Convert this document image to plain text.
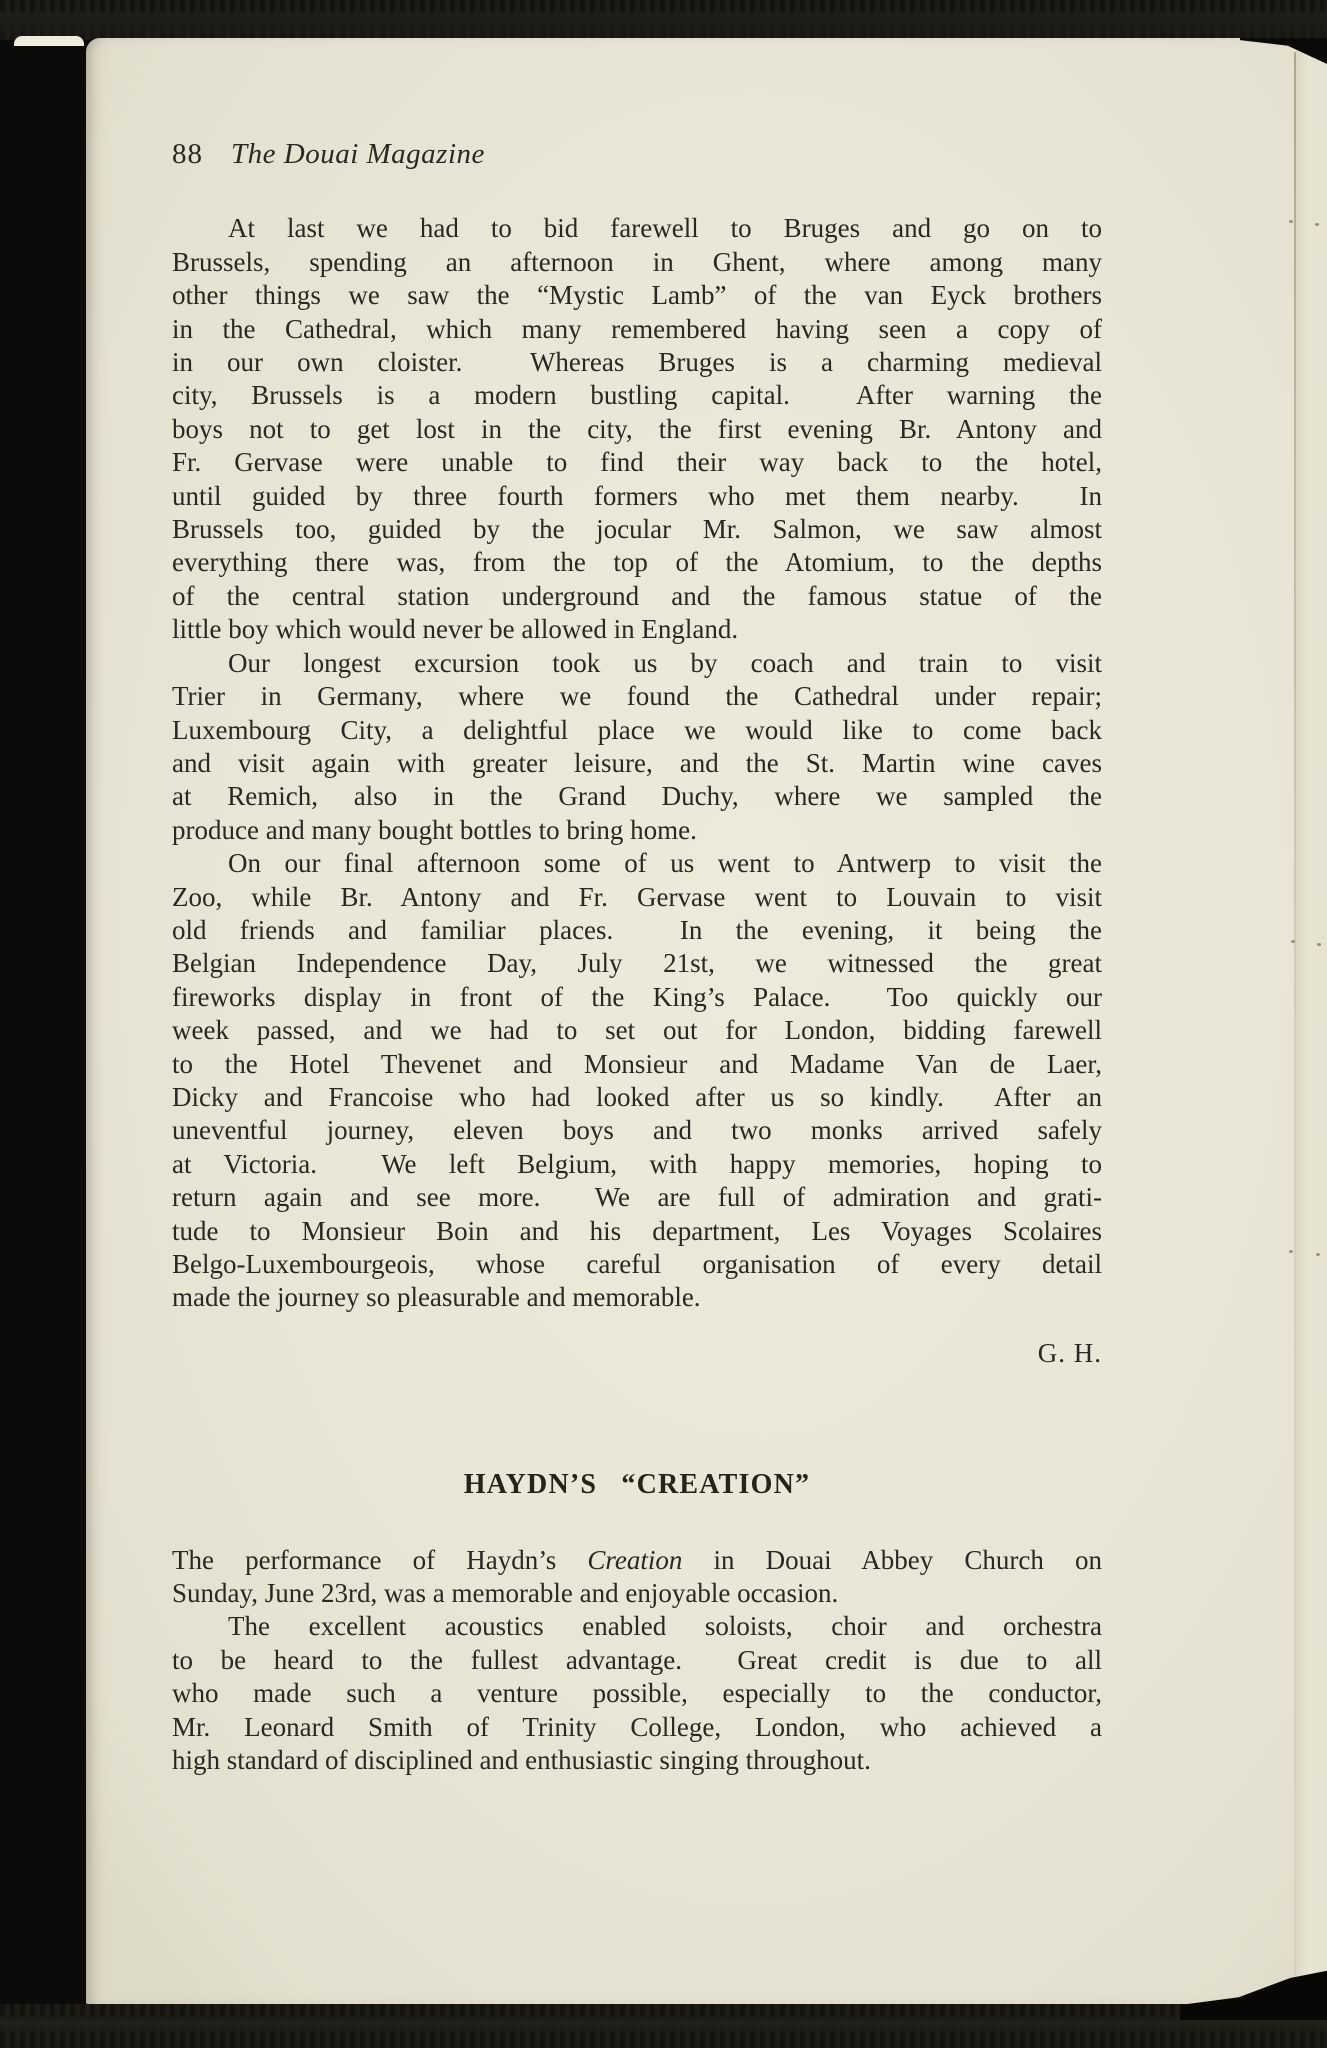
88 The Douai Magazine
At last we had to bid farewell to Bruges and go on to
Brussels, spending an afternoon in Ghent, where among many
other things we saw the “Mystic Lamb” of the van Eyck brothers
in the Cathedral, which many remembered having seen a copy of
in our own cloister.  Whereas Bruges is a charming medieval
city, Brussels is a modern bustling capital.  After warning the
boys not to get lost in the city, the first evening Br. Antony and
Fr. Gervase were unable to find their way back to the hotel,
until guided by three fourth formers who met them nearby.  In
Brussels too, guided by the jocular Mr. Salmon, we saw almost
everything there was, from the top of the Atomium, to the depths
of the central station underground and the famous statue of the
little boy which would never be allowed in England.
Our longest excursion took us by coach and train to visit
Trier in Germany, where we found the Cathedral under repair;
Luxembourg City, a delightful place we would like to come back
and visit again with greater leisure, and the St. Martin wine caves
at Remich, also in the Grand Duchy, where we sampled the
produce and many bought bottles to bring home.
On our final afternoon some of us went to Antwerp to visit the
Zoo, while Br. Antony and Fr. Gervase went to Louvain to visit
old friends and familiar places.  In the evening, it being the
Belgian Independence Day, July 21st, we witnessed the great
fireworks display in front of the King’s Palace.  Too quickly our
week passed, and we had to set out for London, bidding farewell
to the Hotel Thevenet and Monsieur and Madame Van de Laer,
Dicky and Francoise who had looked after us so kindly.  After an
uneventful journey, eleven boys and two monks arrived safely
at Victoria.  We left Belgium, with happy memories, hoping to
return again and see more.  We are full of admiration and grati-
tude to Monsieur Boin and his department, Les Voyages Scolaires
Belgo-Luxembourgeois, whose careful organisation of every detail
made the journey so pleasurable and memorable.
G. H.
HAYDN’S “CREATION”
The performance of Haydn’s Creation in Douai Abbey Church on
Sunday, June 23rd, was a memorable and enjoyable occasion.
The excellent acoustics enabled soloists, choir and orchestra
to be heard to the fullest advantage.  Great credit is due to all
who made such a venture possible, especially to the conductor,
Mr. Leonard Smith of Trinity College, London, who achieved a
high standard of disciplined and enthusiastic singing throughout.
